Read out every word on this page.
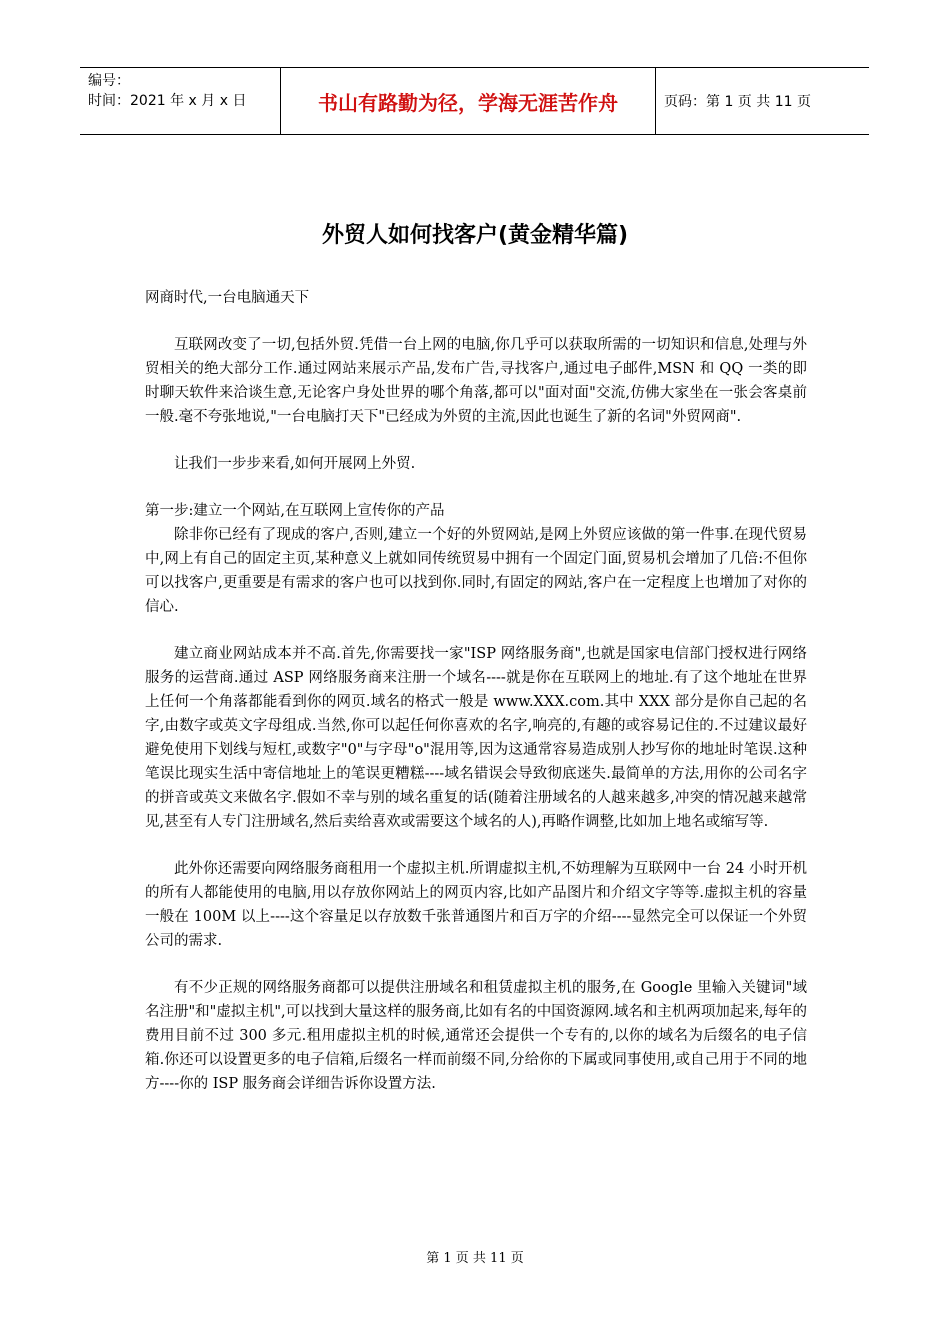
编号：
时间：2021 年 x 月 x 日	书山有路勤为径，学海无涯苦作舟	页码：第 1 页 共 11 页
外贸人如何找客户(黄金精华篇)

网商时代,一台电脑通天下

互联网改变了一切,包括外贸.凭借一台上网的电脑,你几乎可以获取所需的一切知识和信息,处理与外贸相关的绝大部分工作.通过网站来展示产品,发布广告,寻找客户,通过电子邮件,MSN 和 QQ 一类的即时聊天软件来洽谈生意,无论客户身处世界的哪个角落,都可以"面对面"交流,仿佛大家坐在一张会客桌前一般.毫不夸张地说,"一台电脑打天下"已经成为外贸的主流,因此也诞生了新的名词"外贸网商".

让我们一步步来看,如何开展网上外贸.

第一步:建立一个网站,在互联网上宣传你的产品

除非你已经有了现成的客户,否则,建立一个好的外贸网站,是网上外贸应该做的第一件事.在现代贸易中,网上有自己的固定主页,某种意义上就如同传统贸易中拥有一个固定门面,贸易机会增加了几倍:不但你可以找客户,更重要是有需求的客户也可以找到你.同时,有固定的网站,客户在一定程度上也增加了对你的信心.

建立商业网站成本并不高.首先,你需要找一家"ISP 网络服务商",也就是国家电信部门授权进行网络服务的运营商.通过 ASP 网络服务商来注册一个域名----就是你在互联网上的地址.有了这个地址在世界上任何一个角落都能看到你的网页.域名的格式一般是 www.XXX.com.其中 XXX 部分是你自己起的名字,由数字或英文字母组成.当然,你可以起任何你喜欢的名字,响亮的,有趣的或容易记住的.不过建议最好避免使用下划线与短杠,或数字"0"与字母"o"混用等,因为这通常容易造成别人抄写你的地址时笔误.这种笔误比现实生活中寄信地址上的笔误更糟糕----域名错误会导致彻底迷失.最简单的方法,用你的公司名字的拼音或英文来做名字.假如不幸与别的域名重复的话(随着注册域名的人越来越多,冲突的情况越来越常见,甚至有人专门注册域名,然后卖给喜欢或需要这个域名的人),再略作调整,比如加上地名或缩写等.

此外你还需要向网络服务商租用一个虚拟主机.所谓虚拟主机,不妨理解为互联网中一台 24 小时开机的所有人都能使用的电脑,用以存放你网站上的网页内容,比如产品图片和介绍文字等等.虚拟主机的容量一般在 100M 以上----这个容量足以存放数千张普通图片和百万字的介绍----显然完全可以保证一个外贸公司的需求.

有不少正规的网络服务商都可以提供注册域名和租赁虚拟主机的服务,在 Google 里输入关键词"域名注册"和"虚拟主机",可以找到大量这样的服务商,比如有名的中国资源网.域名和主机两项加起来,每年的费用目前不过 300 多元.租用虚拟主机的时候,通常还会提供一个专有的,以你的域名为后缀名的电子信箱.你还可以设置更多的电子信箱,后缀名一样而前缀不同,分给你的下属或同事使用,或自己用于不同的地方----你的 ISP 服务商会详细告诉你设置方法.

第 1 页 共 11 页
